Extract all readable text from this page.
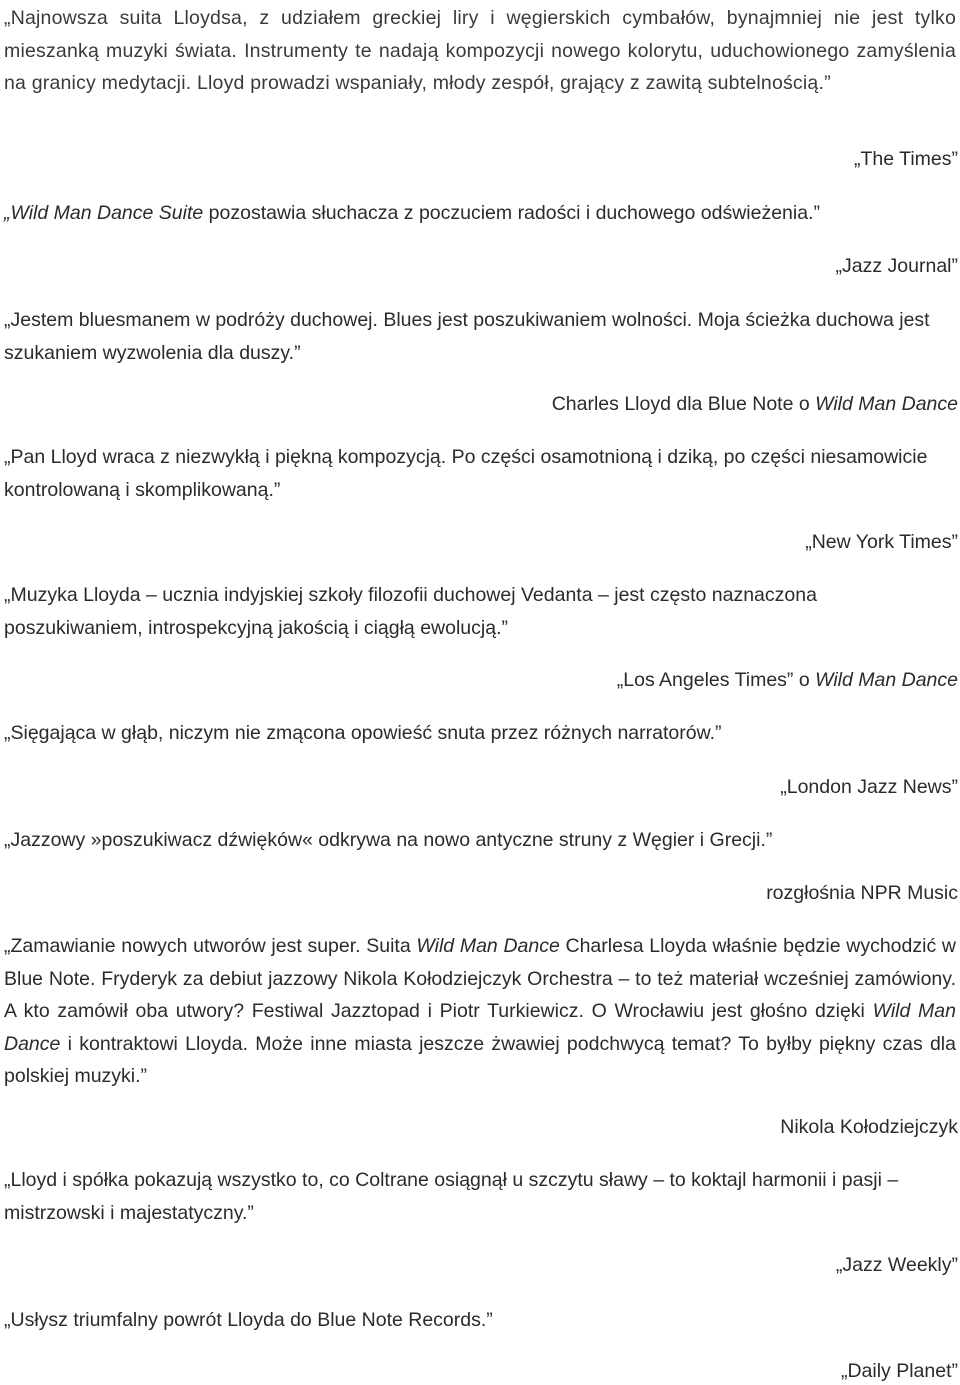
„Najnowsza suita Lloydsa, z udziałem greckiej liry i węgierskich cymbałów, bynajmniej nie jest tylko mieszanką muzyki świata. Instrumenty te nadają kompozycji nowego kolorytu, uduchowionego zamyślenia na granicy medytacji. Lloyd prowadzi wspaniały, młody zespół, grający z zawitą subtelnością.”

„The Times”

„Wild Man Dance Suite pozostawia słuchacza z poczuciem radości i duchowego odświeżenia.”

„Jazz Journal”

„Jestem bluesmanem w podróży duchowej. Blues jest poszukiwaniem wolności. Moja ścieżka duchowa jest szukaniem wyzwolenia dla duszy.”

Charles Lloyd dla Blue Note o Wild Man Dance

„Pan Lloyd wraca z niezwykłą i piękną kompozycją. Po części osamotnioną i dziką, po części niesamowicie kontrolowaną i skomplikowaną.”

„New York Times”

„Muzyka Lloyda – ucznia indyjskiej szkoły filozofii duchowej Vedanta – jest często naznaczona poszukiwaniem, introspekcyjną jakością i ciągłą ewolucją.”

„Los Angeles Times” o Wild Man Dance

„Sięgająca w głąb, niczym nie zmącona opowieść snuta przez różnych narratorów.”

„London Jazz News”

„Jazzowy »poszukiwacz dźwięków« odkrywa na nowo antyczne struny z Węgier i Grecji.”

rozgłośnia NPR Music

„Zamawianie nowych utworów jest super. Suita Wild Man Dance Charlesa Lloyda właśnie będzie wychodzić w Blue Note. Fryderyk za debiut jazzowy Nikola Kołodziejczyk Orchestra – to też materiał wcześniej zamówiony. A kto zamówił oba utwory? Festiwal Jazztopad i Piotr Turkiewicz. O Wrocławiu jest głośno dzięki Wild Man Dance i kontraktowi Lloyda. Może inne miasta jeszcze żwawiej podchwycą temat? To byłby piękny czas dla polskiej muzyki.”

Nikola Kołodziejczyk

„Lloyd i spółka pokazują wszystko to, co Coltrane osiągnął u szczytu sławy – to koktajl harmonii i pasji – mistrzowski i majestatyczny.”

„Jazz Weekly”

„Usłysz triumfalny powrót Lloyda do Blue Note Records.”

„Daily Planet”
